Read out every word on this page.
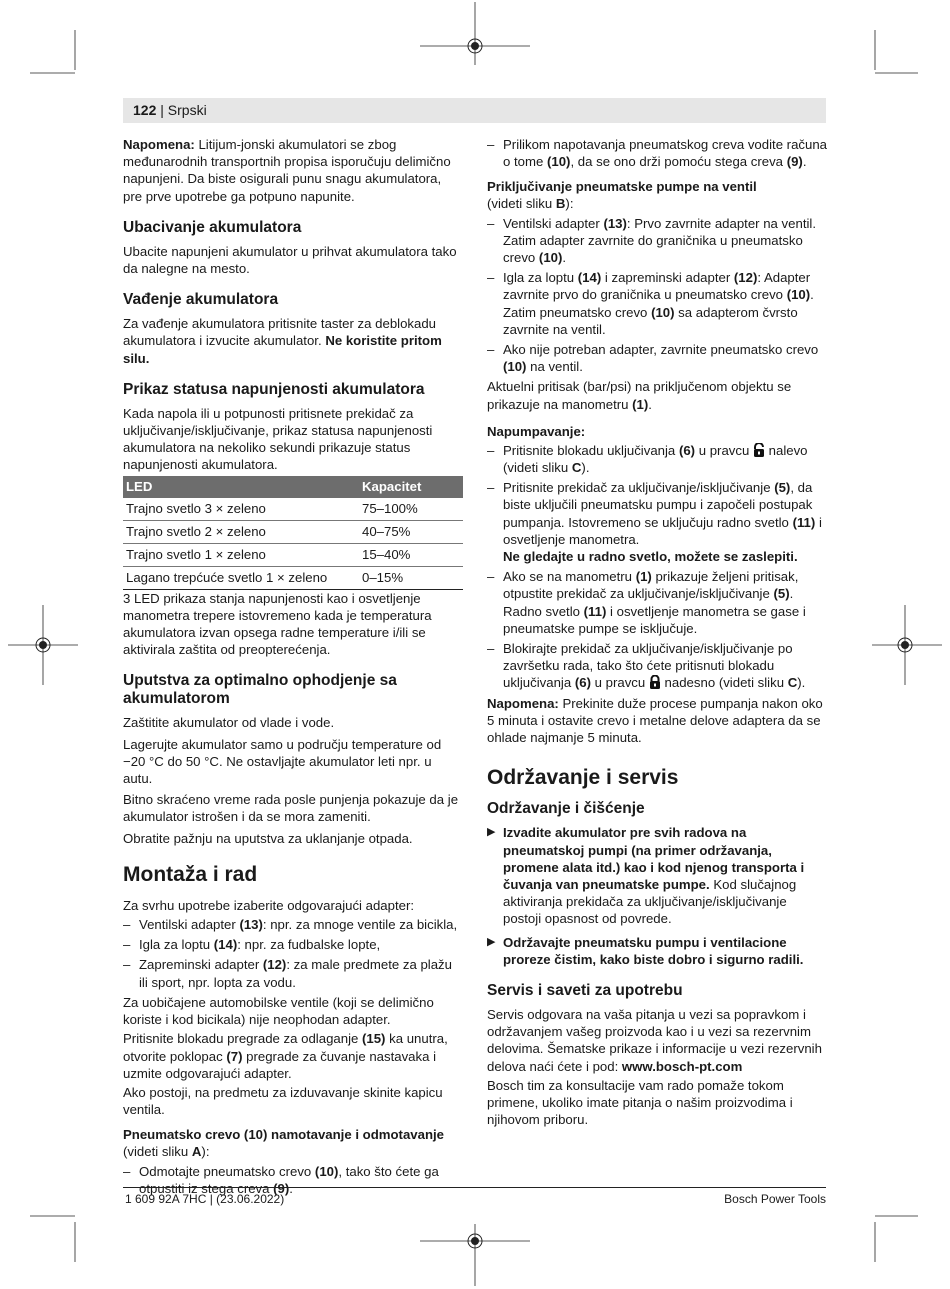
122 | Srpski

Napomena: Litijum-jonski akumulatori se zbog međunarodnih transportnih propisa isporučuju delimično napunjeni. Da biste osigurali punu snagu akumulatora, pre prve upotrebe ga potpuno napunite.

Ubacivanje akumulatora

Ubacite napunjeni akumulator u prihvat akumulatora tako da nalegne na mesto.

Vađenje akumulatora

Za vađenje akumulatora pritisnite taster za deblokadu akumulatora i izvucite akumulator. Ne koristite pritom silu.

Prikaz statusa napunjenosti akumulatora

Kada napola ili u potpunosti pritisnete prekidač za uključivanje/isključivanje, prikaz statusa napunjenosti akumulatora na nekoliko sekundi prikazuje status napunjenosti akumulatora.

LED	Kapacitet
Trajno svetlo 3 × zeleno	75–100%
Trajno svetlo 2 × zeleno	40–75%
Trajno svetlo 1 × zeleno	15–40%
Lagano trepćuće svetlo 1 × zeleno	0–15%

3 LED prikaza stanja napunjenosti kao i osvetljenje manometra trepere istovremeno kada je temperatura akumulatora izvan opsega radne temperature i/ili se aktivirala zaštita od preopterećenja.

Uputstva za optimalno ophodjenje sa akumulatorom

Zaštitite akumulator od vlade i vode.

Lagerujte akumulator samo u području temperature od −20 °C do 50 °C. Ne ostavljajte akumulator leti npr. u autu.

Bitno skraćeno vreme rada posle punjenja pokazuje da je akumulator istrošen i da se mora zameniti.

Obratite pažnju na uputstva za uklanjanje otpada.

Montaža i rad

Za svrhu upotrebe izaberite odgovarajući adapter:

– Ventilski adapter (13): npr. za mnoge ventile za bicikla,
– Igla za loptu (14): npr. za fudbalske lopte,
– Zapreminski adapter (12): za male predmete za plažu ili sport, npr. lopta za vodu.

Za uobičajene automobilske ventile (koji se delimično koriste i kod bicikala) nije neophodan adapter.

Pritisnite blokadu pregrade za odlaganje (15) ka unutra, otvorite poklopac (7) pregrade za čuvanje nastavaka i uzmite odgovarajući adapter.

Ako postoji, na predmetu za izduvavanje skinite kapicu ventila.

Pneumatsko crevo (10) namotavanje i odmotavanje

(videti sliku A):

– Odmotajte pneumatsko crevo (10), tako što ćete ga otpustiti iz stega creva (9).
– Prilikom napotavanja pneumatskog creva vodite računa o tome (10), da se ono drži pomoću stega creva (9).
Priključivanje pneumatske pumpe na ventil

(videti sliku B):

– Ventilski adapter (13): Prvo zavrnite adapter na ventil. Zatim adapter zavrnite do graničnika u pneumatsko crevo (10).
– Igla za loptu (14) i zapreminski adapter (12): Adapter zavrnite prvo do graničnika u pneumatsko crevo (10). Zatim pneumatsko crevo (10) sa adapterom čvrsto zavrnite na ventil.
– Ako nije potreban adapter, zavrnite pneumatsko crevo (10) na ventil.

Aktuelni pritisak (bar/psi) na priključenom objektu se prikazuje na manometru (1).

Napumpavanje:
– Pritisnite blokadu uključivanja (6) u pravcu  nalevo (videti sliku C).
– Pritisnite prekidač za uključivanje/isključivanje (5), da biste uključili pneumatsku pumpu i započeli postupak pumpanja. Istovremeno se uključuju radno svetlo (11) i osvetljenje manometra.
Ne gledajte u radno svetlo, možete se zaslepiti.
– Ako se na manometru (1) prikazuje željeni pritisak, otpustite prekidač za uključivanje/isključivanje (5). Radno svetlo (11) i osvetljenje manometra se gase i pneumatske pumpe se isključuje.
– Blokirajte prekidač za uključivanje/isključivanje po završetku rada, tako što ćete pritisnuti blokadu uključivanja (6) u pravcu  nadesno (videti sliku C).

Napomena: Prekinite duže procese pumpanja nakon oko 5 minuta i ostavite crevo i metalne delove adaptera da se ohlade najmanje 5 minuta.

Održavanje i servis
Održavanje i čišćenje
▶ Izvadite akumulator pre svih radova na pneumatskoj pumpi (na primer održavanja, promene alata itd.) kao i kod njenog transporta i čuvanja van pneumatske pumpe. Kod slučajnog aktiviranja prekidača za uključivanje/isključivanje postoji opasnost od povrede.
▶ Održavajte pneumatsku pumpu i ventilacione proreze čistim, kako biste dobro i sigurno radili.
Servis i saveti za upotrebu

Servis odgovara na vaša pitanja u vezi sa popravkom i održavanjem vašeg proizvoda kao i u vezi sa rezervnim delovima. Šematske prikaze i informacije u vezi rezervnih delova naći ćete i pod: www.bosch-pt.com

Bosch tim za konsultacije vam rado pomaže tokom primene, ukoliko imate pitanja o našim proizvodima i njihovom priboru.

1 609 92A 7HC | (23.06.2022)	Bosch Power Tools
